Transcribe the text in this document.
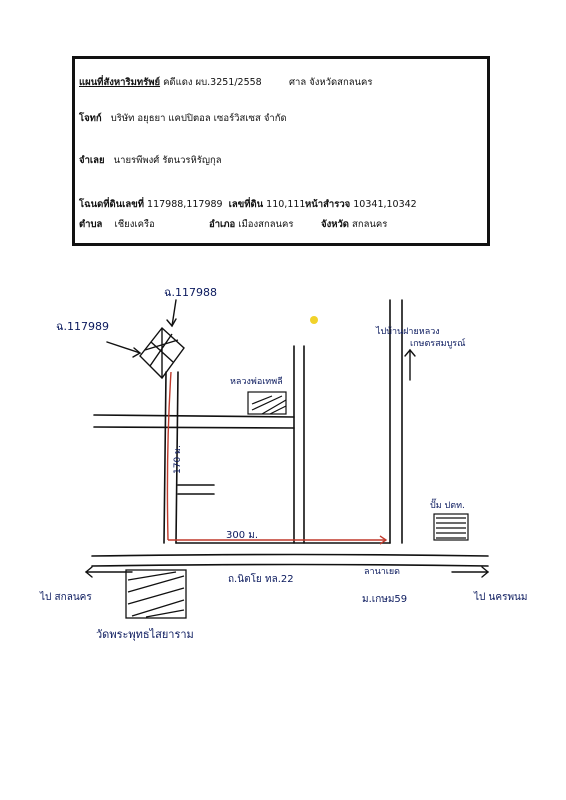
แผนที่สังหาริมทรัพย์ คดีแดง ผบ.3251/2558	ศาล จังหวัดสกลนคร
โจทก์ บริษัท อยุธยา แคปปิตอล เซอร์วิสเซส จำกัด
จำเลย นายรพีพงศ์ รัตนวรหิรัญกุล
โฉนดที่ดินเลขที่ 117988,117989 เลขที่ดิน 110,111 หน้าสำรวจ 10341,10342
ตำบล เชียงเครือ	อำเภอ เมืองสกลนคร	จังหวัด สกลนคร
ฉ.117989
ฉ.117988
หลวงพ่อเทพลี
ไปบ้านฝายหลวง
เกษตรสมบูรณ์
ปั๊ม ปตท.
170 ม.
300 ม.
ถ.นิตโย ทล.22
ลานาเยด
ม.เกษม59
ไป สกลนคร	ไป นครพนม
วัดพระพุทธไสยาราม
